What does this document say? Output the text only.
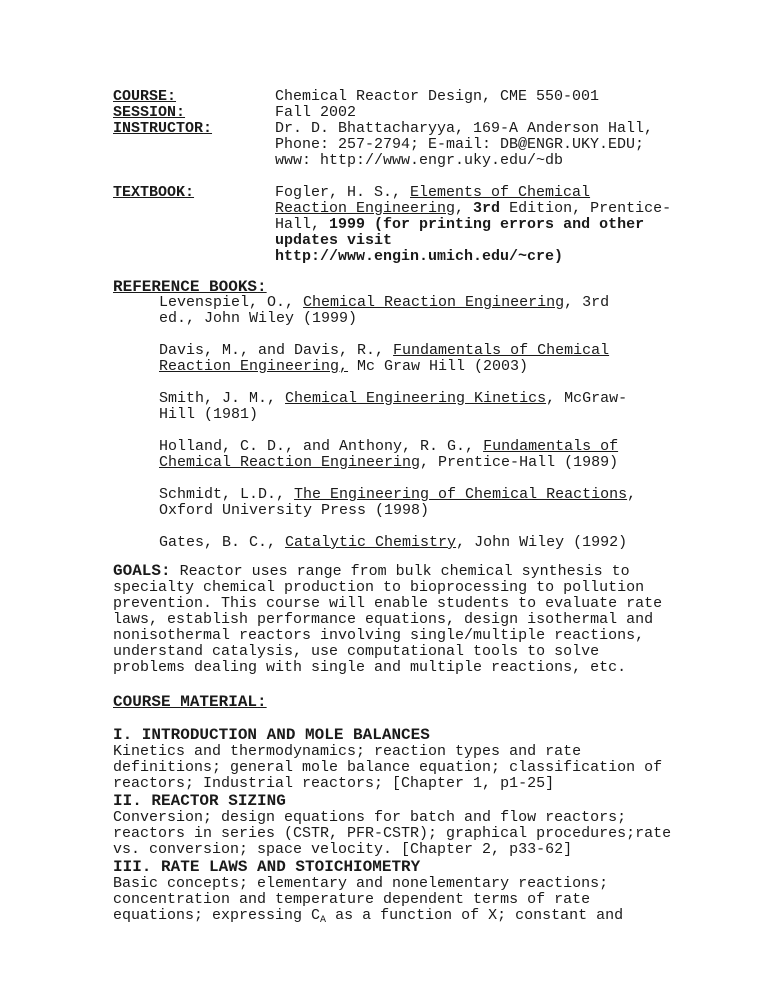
COURSE:	Chemical Reactor Design, CME 550-001
SESSION:	Fall 2002
INSTRUCTOR:	Dr. D. Bhattacharyya, 169-A Anderson Hall,
Phone: 257-2794; E-mail: DB@ENGR.UKY.EDU;
www: http://www.engr.uky.edu/~db
TEXTBOOK:	Fogler, H. S., Elements of Chemical
Reaction Engineering, 3rd Edition, Prentice-
Hall, 1999 (for printing errors and other
updates visit http://www.engin.umich.edu/~cre)
REFERENCE BOOKS:
Levenspiel, O., Chemical Reaction Engineering, 3rd
ed., John Wiley (1999)
Davis, M., and Davis, R., Fundamentals of Chemical
Reaction Engineering, Mc Graw Hill (2003)
Smith, J. M., Chemical Engineering Kinetics, McGraw-
Hill (1981)
Holland, C. D., and Anthony, R. G., Fundamentals of
Chemical Reaction Engineering, Prentice-Hall (1989)
Schmidt, L.D., The Engineering of Chemical Reactions,
Oxford University Press (1998)
Gates, B. C., Catalytic Chemistry, John Wiley (1992)
GOALS: Reactor uses range from bulk chemical synthesis to
specialty chemical production to bioprocessing to pollution
prevention. This course will enable students to evaluate rate
laws, establish performance equations, design isothermal and
nonisothermal reactors involving single/multiple reactions,
understand catalysis, use computational tools to solve
problems dealing with single and multiple reactions, etc.
COURSE MATERIAL:
I. INTRODUCTION AND MOLE BALANCES
Kinetics and thermodynamics; reaction types and rate
definitions; general mole balance equation; classification of
reactors; Industrial reactors; [Chapter 1, p1-25]
II. REACTOR SIZING
Conversion; design equations for batch and flow reactors;
reactors in series (CSTR, PFR-CSTR); graphical procedures;rate
vs. conversion; space velocity. [Chapter 2, p33-62]
III. RATE LAWS AND STOICHIOMETRY
Basic concepts; elementary and nonelementary reactions;
concentration and temperature dependent terms of rate
equations; expressing $C_A$ as a function of X; constant and
